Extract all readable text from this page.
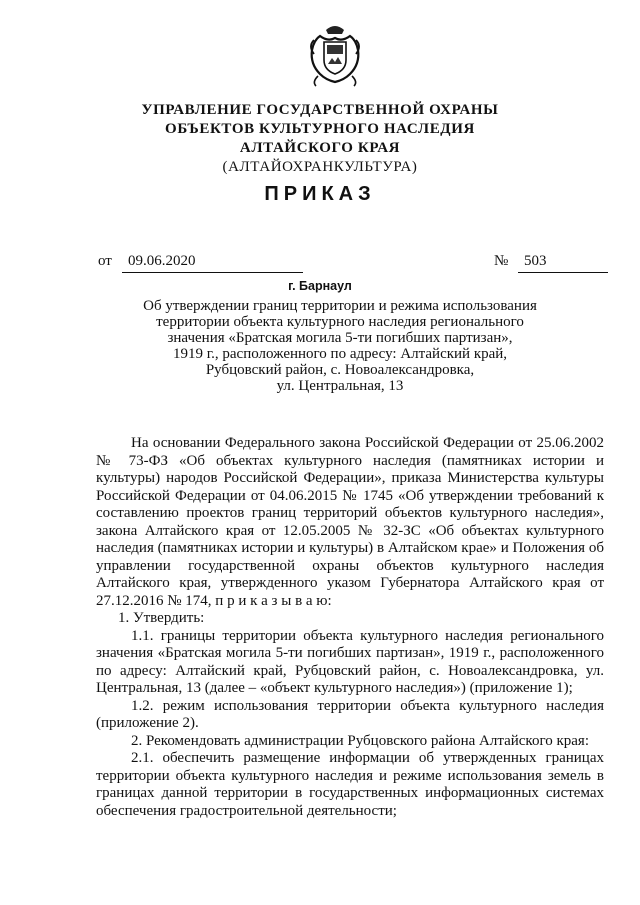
УПРАВЛЕНИЕ ГОСУДАРСТВЕННОЙ ОХРАНЫ
ОБЪЕКТОВ КУЛЬТУРНОГО НАСЛЕДИЯ
АЛТАЙСКОГО КРАЯ
(АЛТАЙОХРАНКУЛЬТУРА)
ПРИКАЗ
от	09.06.2020	№	503
г. Барнаул
Об утверждении границ территории и режима использования
территории объекта культурного наследия регионального
значения «Братская могила 5-ти погибших партизан»,
1919 г., расположенного по адресу: Алтайский край,
Рубцовский район, с. Новоалександровка,
ул. Центральная, 13

На основании Федерального закона Российской Федерации от 25.06.2002 № 73-ФЗ «Об объектах культурного наследия (памятниках истории и культуры) народов Российской Федерации», приказа Министерства культуры Российской Федерации от 04.06.2015 № 1745 «Об утверждении требований к составлению проектов границ территорий объектов культурного наследия», закона Алтайского края от 12.05.2005 № 32-ЗС «Об объектах культурного наследия (памятниках истории и культуры) в Алтайском крае» и Положения об управлении государственной охраны объектов культурного наследия Алтайского края, утвержденного указом Губернатора Алтайского края от 27.12.2016 № 174, п р и к а з ы в а ю:

1. Утвердить:

1.1. границы территории объекта культурного наследия регионального значения «Братская могила 5-ти погибших партизан», 1919 г., расположенного по адресу: Алтайский край, Рубцовский район, с. Новоалександровка, ул. Центральная, 13 (далее – «объект культурного наследия») (приложение 1);

1.2. режим использования территории объекта культурного наследия (приложение 2).

2. Рекомендовать администрации Рубцовского района Алтайского края:

2.1. обеспечить размещение информации об утвержденных границах территории объекта культурного наследия и режиме использования земель в границах данной территории в государственных информационных системах обеспечения градостроительной деятельности;
